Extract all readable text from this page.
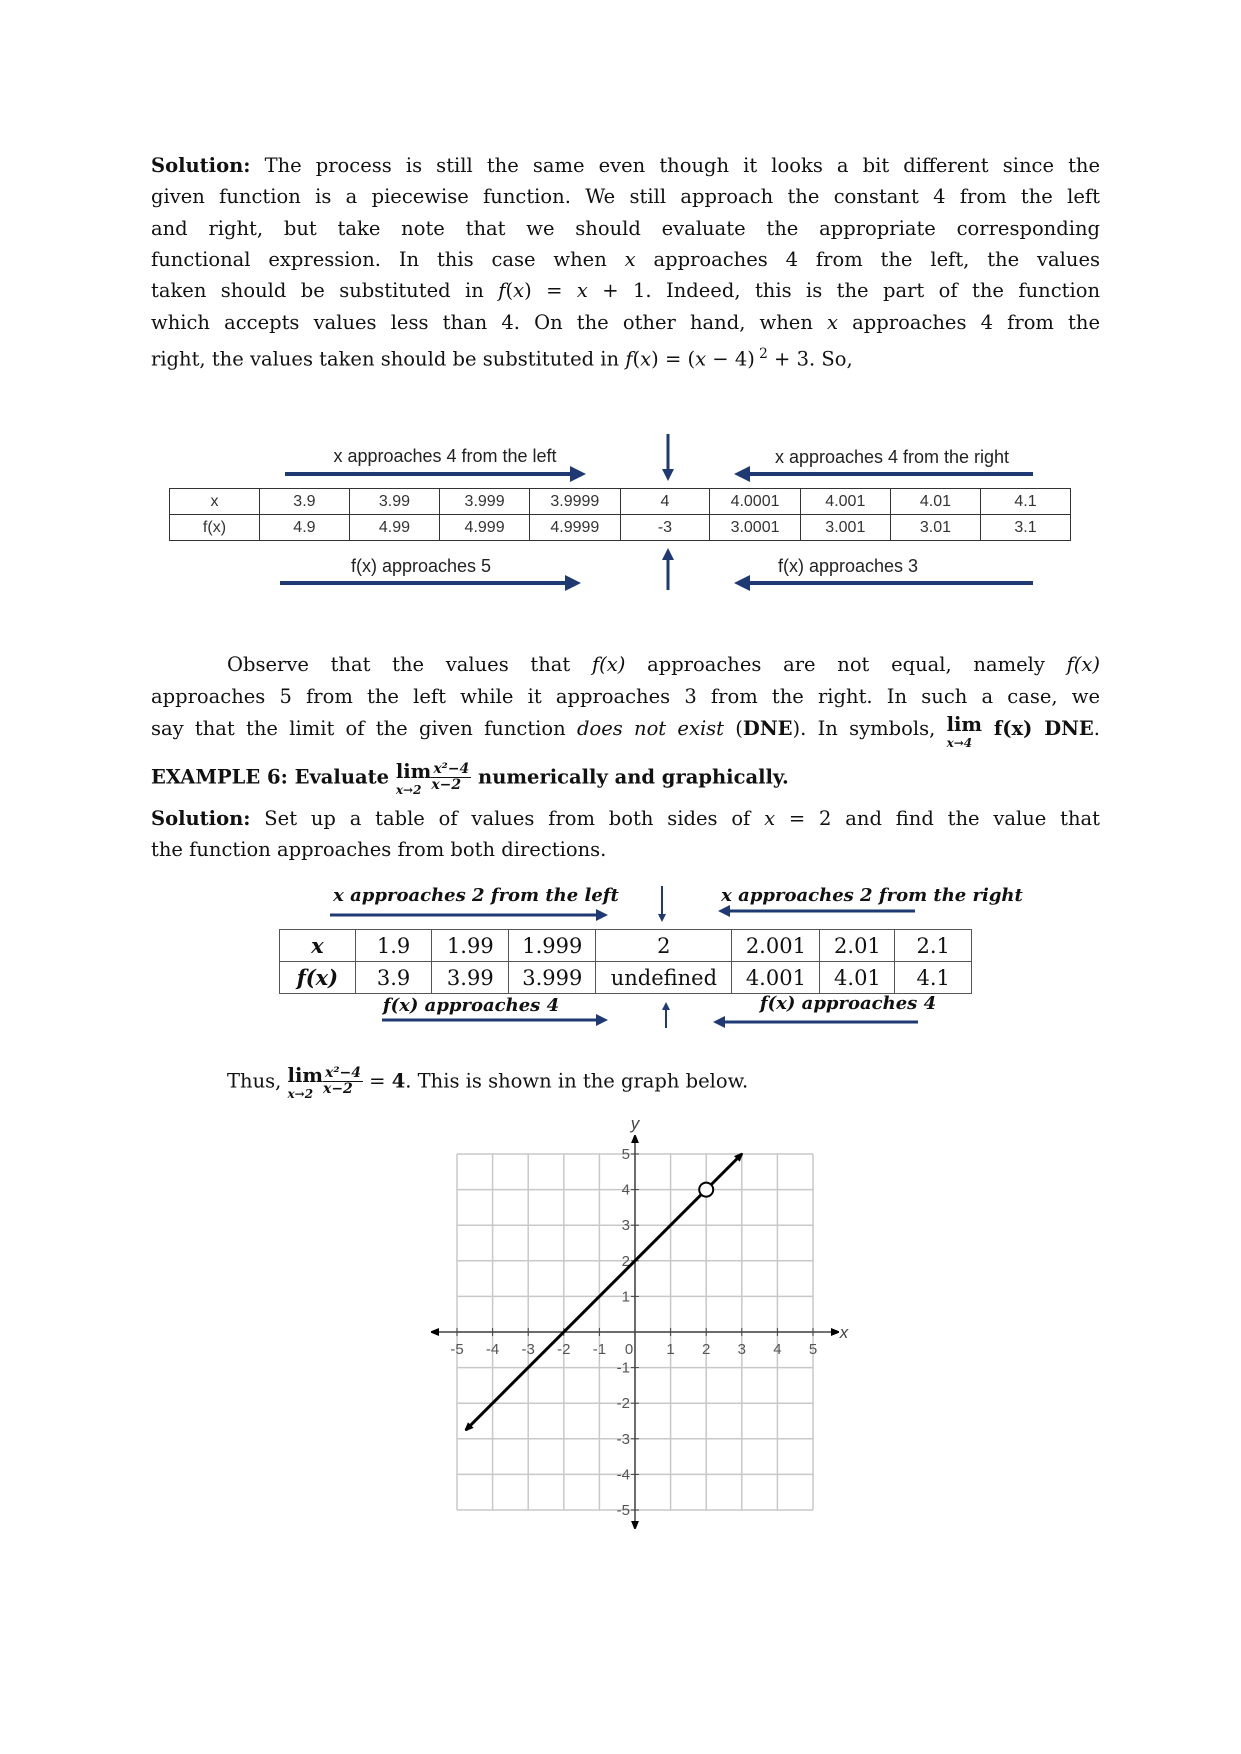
Solution: The process is still the same even though it looks a bit different since the
given function is a piecewise function. We still approach the constant 4 from the left
and right, but take note that we should evaluate the appropriate corresponding
functional expression. In this case when x approaches 4 from the left, the values
taken should be substituted in f(x) = x + 1. Indeed, this is the part of the function
which accepts values less than 4. On the other hand, when x approaches 4 from the
right, the values taken should be substituted in f(x) = (x − 4) $^2$ + 3. So,
x approaches 4 from the left	x approaches 4 from the right
f(x) approaches 5	f(x) approaches 3
x	3.9	3.99	3.999	3.9999	4	4.0001	4.001	4.01	4.1
f(x)	4.9	4.99	4.999	4.9999	-3	3.0001	3.001	3.01	3.1
Observe that the values that f(x) approaches are not equal, namely f(x)
approaches 5 from the left while it approaches 3 from the right. In such a case, we
say that the limit of the given function does not exist (DNE). In symbols, lim
x→4
f(x) DNE.
EXAMPLE 6: Evaluate lim
$x\to 2 \frac{\text{x²−4}}{x-2}$ numerically and graphically.
Solution: Set up a table of values from both sides of x = 2 and find the value that
the function approaches from both directions.
x approaches 2 from the left	x approaches 2 from the right
f(x) approaches 4	f(x) approaches 4
x	1.9	1.99	1.999	2	2.001	2.01	2.1
f(x)	3.9	3.99	3.999	undefined	4.001	4.01	4.1
Thus, lim
$x\to 2 \frac{\text{x²−4}}{x-2} = 4$. This is shown in the graph below.
-5 -4 -3 -2 -1 0 1 2 3 4 5
-5
-4
-3
-2
-1
1
2
3
4
5
x
y
